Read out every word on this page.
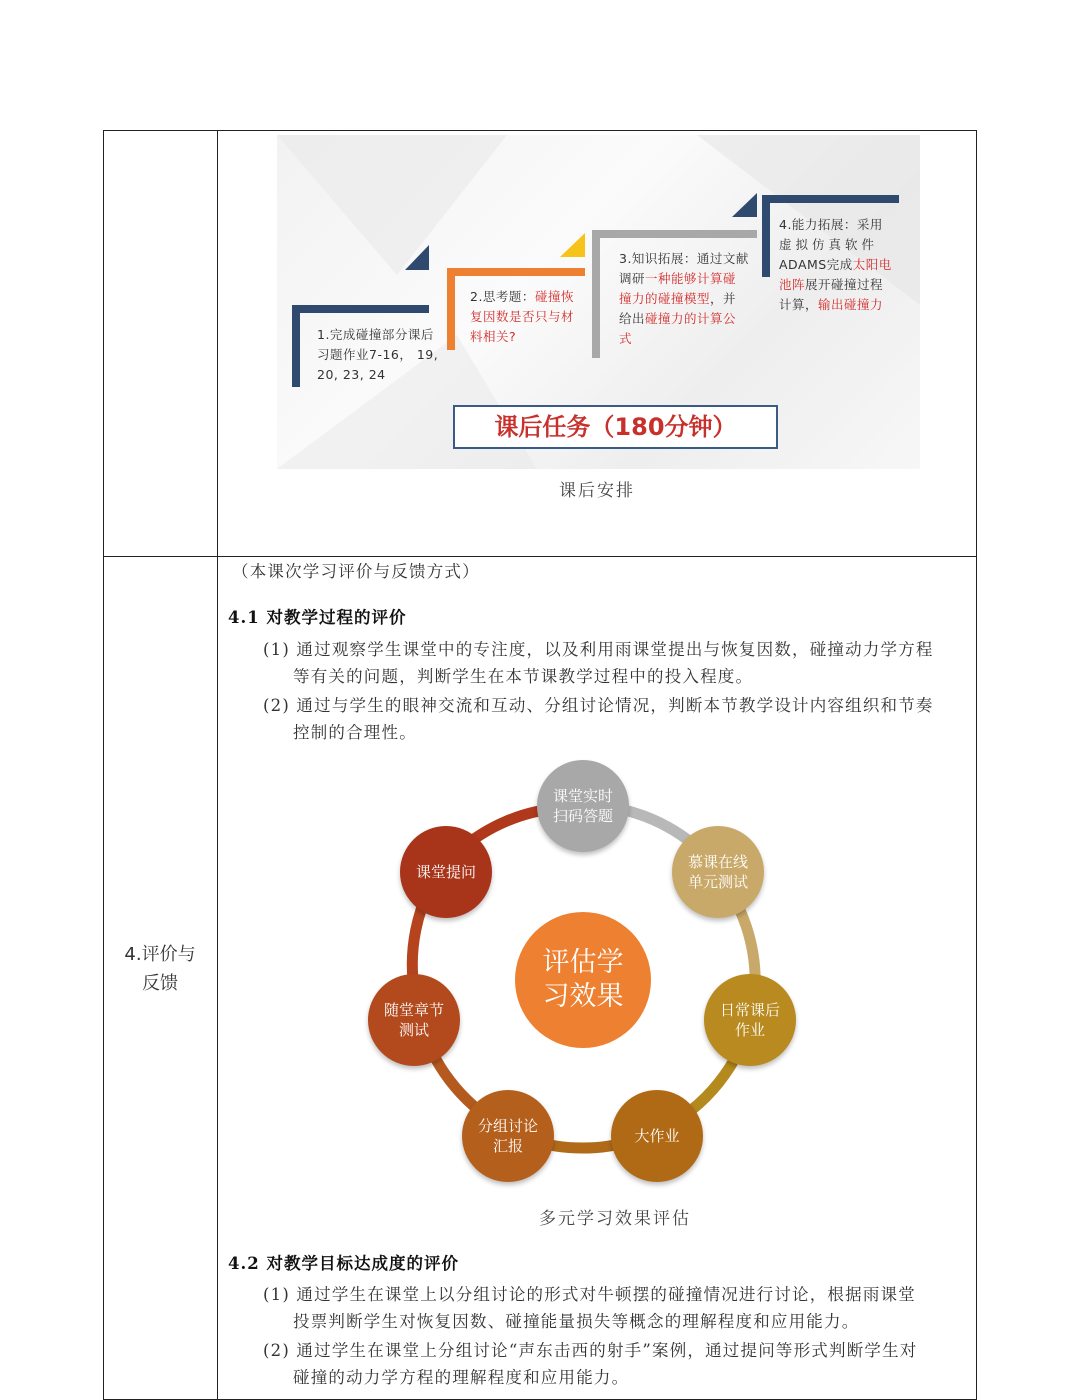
1.完成碰撞部分课后
习题作业7-16， 19,
20, 23, 24
2.思考题：碰撞恢
复因数是否只与材
料相关?
3.知识拓展：通过文献
调研一种能够计算碰
撞力的碰撞模型，并
给出碰撞力的计算公
式
4.能力拓展：采用
虚拟仿真软件
ADAMS完成太阳电
池阵展开碰撞过程
计算，输出碰撞力
课后任务（180分钟）
课后安排
4.评价与
反馈
（本课次学习评价与反馈方式）
4.1 对教学过程的评价
(1) 通过观察学生课堂中的专注度，以及利用雨课堂提出与恢复因数，碰撞动力学方程
等有关的问题，判断学生在本节课教学过程中的投入程度。
(2) 通过与学生的眼神交流和互动、分组讨论情况，判断本节教学设计内容组织和节奏
控制的合理性。
评估学
习效果
课堂实时扫码答题
慕课在线单元测试
日常课后作业
大作业
分组讨论汇报
随堂章节测试
课堂提问
多元学习效果评估
4.2 对教学目标达成度的评价
(1) 通过学生在课堂上以分组讨论的形式对牛顿摆的碰撞情况进行讨论，根据雨课堂
投票判断学生对恢复因数、碰撞能量损失等概念的理解程度和应用能力。
(2) 通过学生在课堂上分组讨论“声东击西的射手”案例，通过提问等形式判断学生对
碰撞的动力学方程的理解程度和应用能力。
